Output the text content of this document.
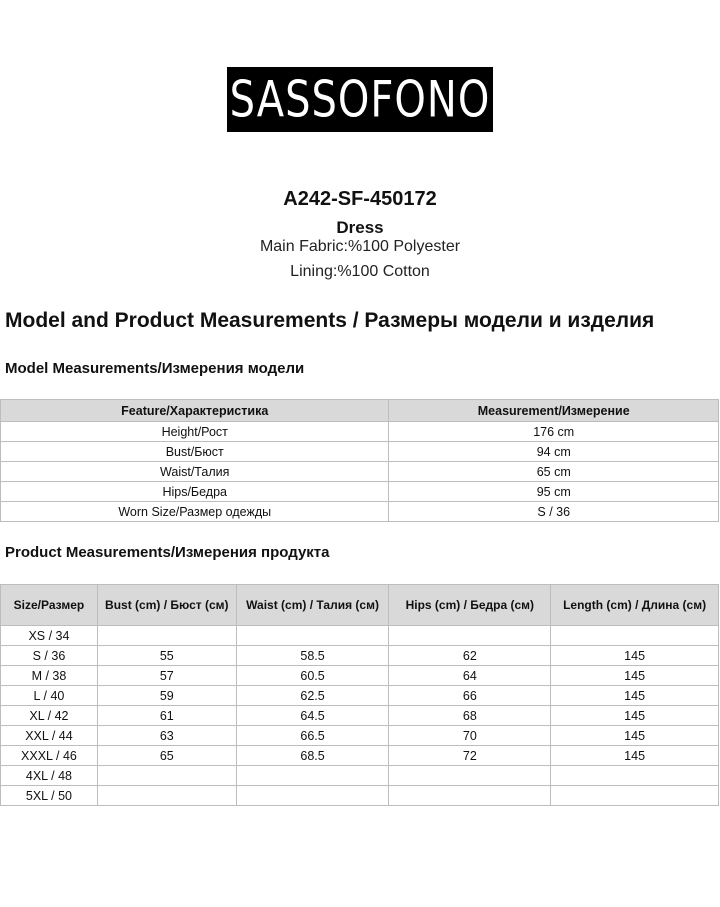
SASSOFONO
A242-SF-450172
Dress
Main Fabric:%100 Polyester
Lining:%100 Cotton
Model and Product Measurements / Размеры модели и изделия
Model Measurements/Измерения модели
Feature/Характеристика	Measurement/Измерение
Height/Рост	176 cm
Bust/Бюст	94 cm
Waist/Талия	65 cm
Hips/Бедра	95 cm
Worn Size/Размер одежды	S / 36
Product Measurements/Измерения продукта
Size/Размер	Bust (cm) / Бюст (см)	Waist (cm) / Талия (см)	Hips (cm) / Бедра (см)	Length (cm) / Длина (см)
XS / 34				
S / 36	55	58.5	62	145
M / 38	57	60.5	64	145
L / 40	59	62.5	66	145
XL / 42	61	64.5	68	145
XXL / 44	63	66.5	70	145
XXXL / 46	65	68.5	72	145
4XL / 48				
5XL / 50				
